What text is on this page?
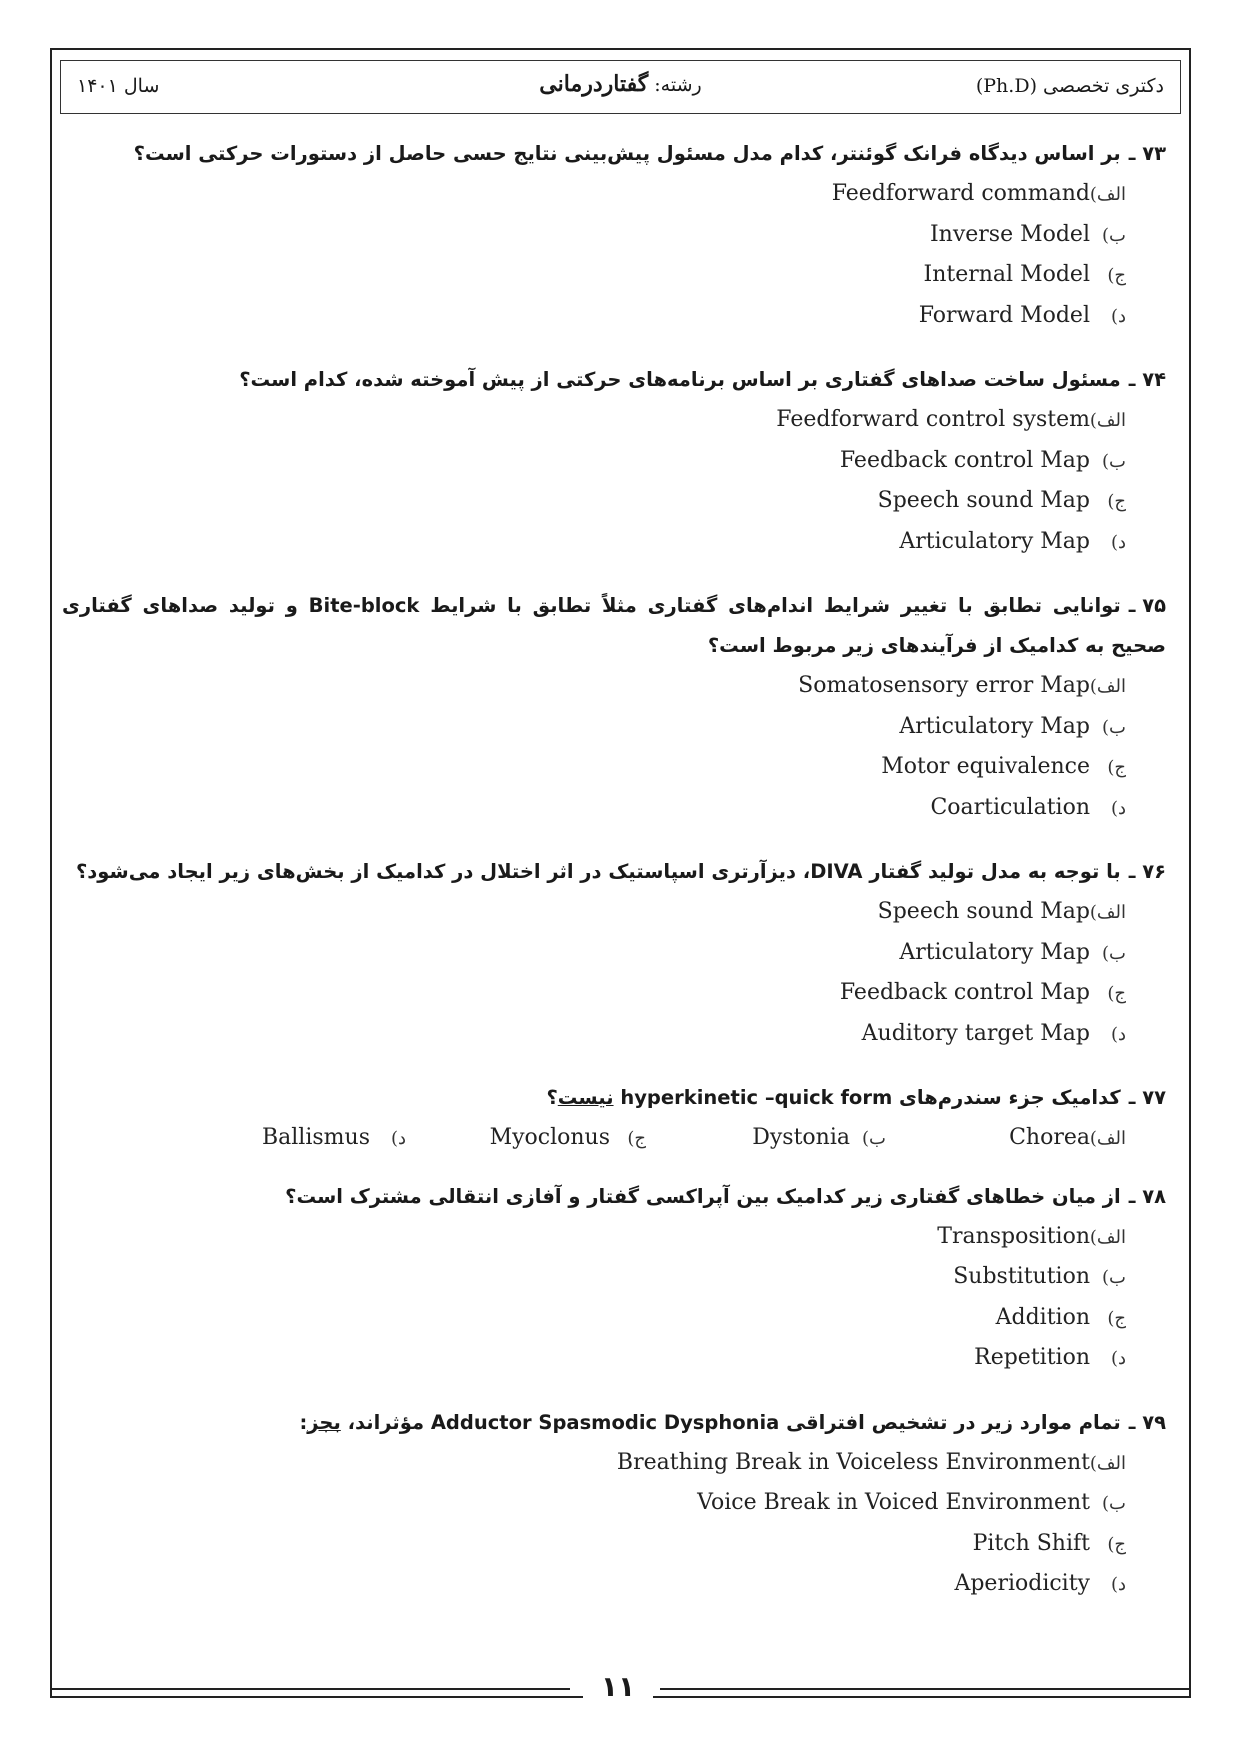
دکتری تخصصی (Ph.D)
رشته: گفتاردرمانی
سال ۱۴۰۱
۷۳ ـبر اساس دیدگاه فرانک گوئنتر، کدام مدل مسئول پیش‌بینی نتایج حسی حاصل از دستورات حرکتی است؟
الف)Feedforward command
ب)Inverse Model
ج)Internal Model
د)Forward Model
۷۴ ـمسئول ساخت صداهای گفتاری بر اساس برنامه‌های حرکتی از پیش آموخته شده، کدام است؟
الف)Feedforward control system
ب)Feedback control Map
ج)Speech sound Map
د)Articulatory Map
۷۵ ـتوانایی تطابق با تغییر شرایط اندام‌های گفتاری مثلاً تطابق با شرایط Bite-block و تولید صداهای گفتاری صحیح به کدامیک از فرآیندهای زیر مربوط است؟
الف)Somatosensory error Map
ب)Articulatory Map
ج)Motor equivalence
د)Coarticulation
۷۶ ـبا توجه به مدل تولید گفتار DIVA، دیزآرتری اسپاستیک در اثر اختلال در کدامیک از بخش‌های زیر ایجاد می‌شود؟
الف)Speech sound Map
ب)Articulatory Map
ج)Feedback control Map
د)Auditory target Map
۷۷ ـکدامیک جزء سندرم‌های hyperkinetic –quick form نیست؟
الف)Chorea
ب)Dystonia
ج)Myoclonus
د)Ballismus
۷۸ ـاز میان خطاهای گفتاری زیر کدامیک بین آپراکسی گفتار و آفازی انتقالی مشترک است؟
الف)Transposition
ب)Substitution
ج)Addition
د)Repetition
۷۹ ـتمام موارد زیر در تشخیص افتراقی Adductor Spasmodic Dysphonia مؤثراند، بجز:
الف)Breathing Break in Voiceless Environment
ب)Voice Break in Voiced Environment
ج)Pitch Shift
د)Aperiodicity
۱۱
